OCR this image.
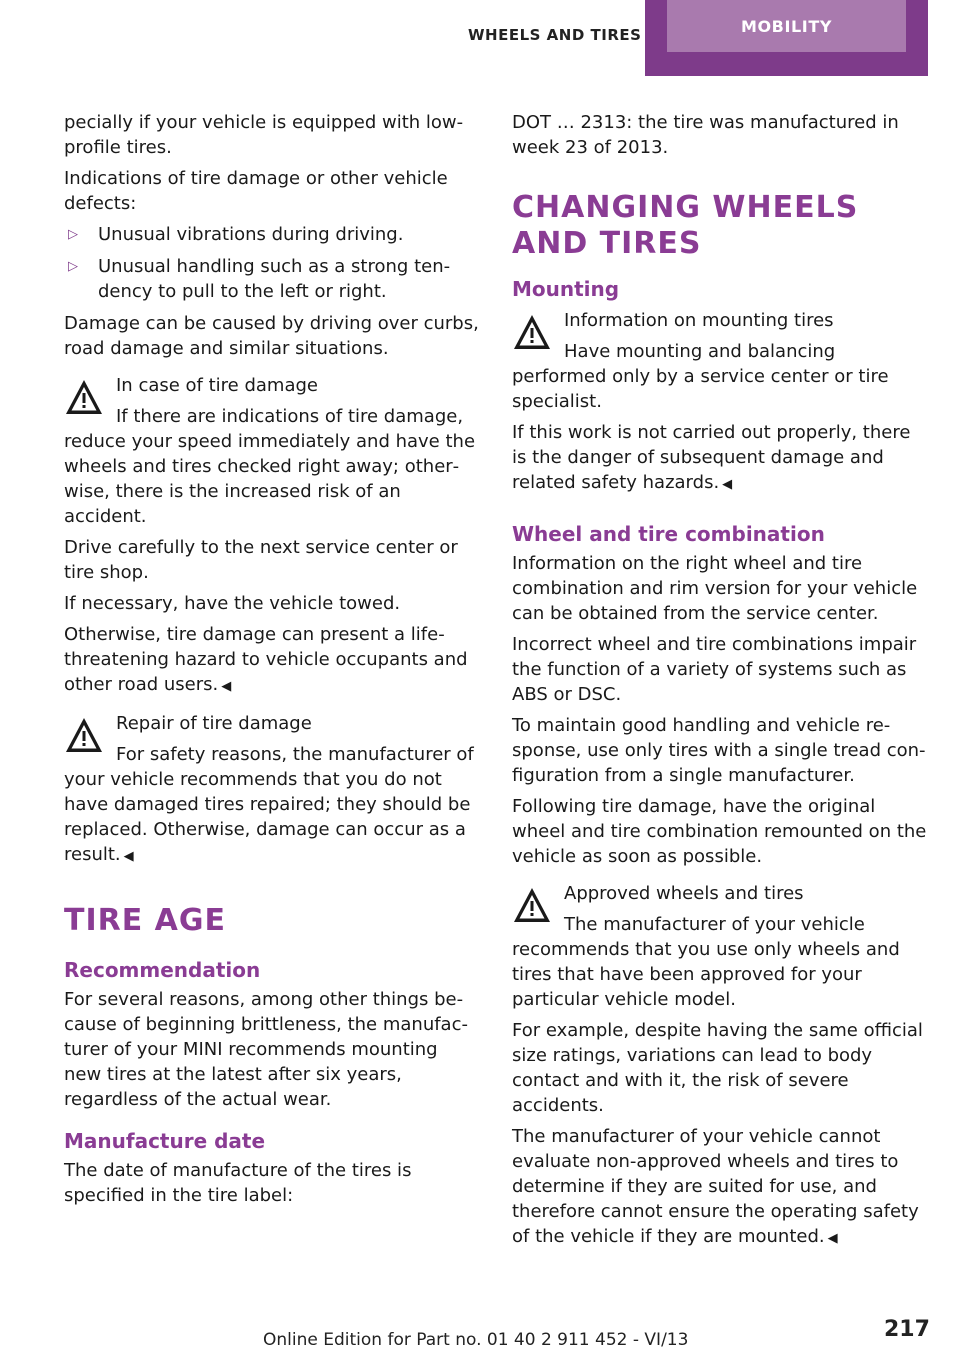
WHEELS AND TIRES	MOBILITY

pecially if your vehicle is equipped with lowprofile tires.

Indications of tire damage or other vehicle defects:

▷ Unusual vibrations during driving.
▷ Unusual handling such as a strong tendency to pull to the left or right.

Damage can be caused by driving over curbs, road damage and similar situations.

In case of tire damage

If there are indications of tire damage, reduce your speed immediately and have the wheels and tires checked right away; otherwise, there is the increased risk of an accident.

Drive carefully to the next service center or tire shop.

If necessary, have the vehicle towed.

Otherwise, tire damage can present a life-threatening hazard to vehicle occupants and other road users. ◀

Repair of tire damage

For safety reasons, the manufacturer of your vehicle recommends that you do not have damaged tires repaired; they should be replaced. Otherwise, damage can occur as a result. ◀

TIRE AGE
Recommendation

For several reasons, among other things because of beginning brittleness, the manufacturer of your MINI recommends mounting new tires at the latest after six years, regardless of the actual wear.

Manufacture date

The date of manufacture of the tires is specified in the tire label:

DOT … 2313: the tire was manufactured in week 23 of 2013.

CHANGING WHEELS AND TIRES
Mounting

Information on mounting tires

Have mounting and balancing performed only by a service center or tire specialist.

If this work is not carried out properly, there is the danger of subsequent damage and related safety hazards. ◀

Wheel and tire combination

Information on the right wheel and tire combination and rim version for your vehicle can be obtained from the service center.

Incorrect wheel and tire combinations impair the function of a variety of systems such as ABS or DSC.

To maintain good handling and vehicle response, use only tires with a single tread configuration from a single manufacturer.

Following tire damage, have the original wheel and tire combination remounted on the vehicle as soon as possible.

Approved wheels and tires

The manufacturer of your vehicle recommends that you use only wheels and tires that have been approved for your particular vehicle model.

For example, despite having the same official size ratings, variations can lead to body contact and with it, the risk of severe accidents.

The manufacturer of your vehicle cannot evaluate non-approved wheels and tires to determine if they are suited for use, and therefore cannot ensure the operating safety of the vehicle if they are mounted. ◀

Online Edition for Part no. 01 40 2 911 452 - VI/13	217
